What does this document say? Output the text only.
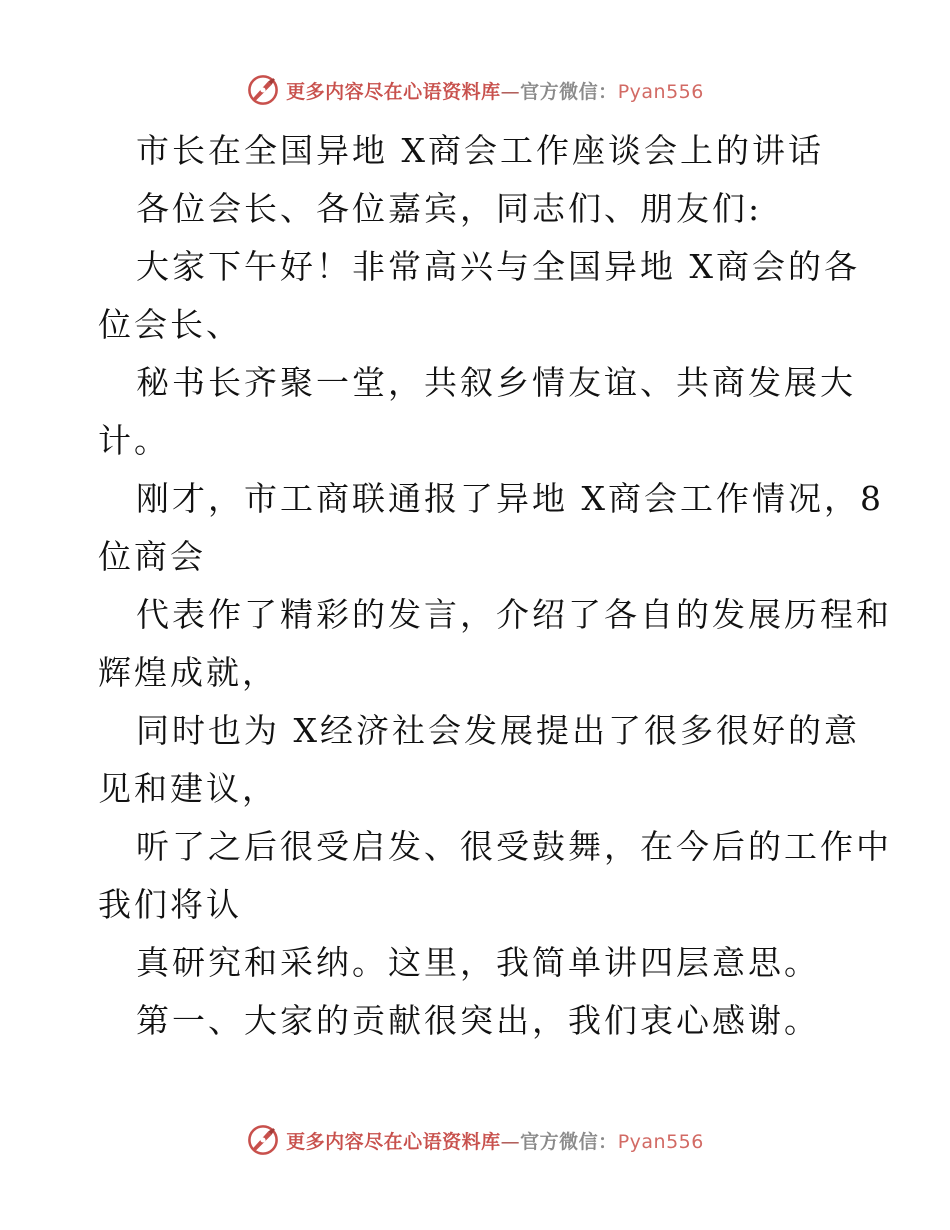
更多内容尽在心语资料库—官方微信：Pyan556
市长在全国异地 X商会工作座谈会上的讲话
各位会长、各位嘉宾，同志们、朋友们:
大家下午好！非常高兴与全国异地 X商会的各
位会长、
秘书长齐聚一堂，共叙乡情友谊、共商发展大
计。
刚才，市工商联通报了异地 X商会工作情况，8
位商会
代表作了精彩的发言，介绍了各自的发展历程和
辉煌成就，
同时也为 X经济社会发展提出了很多很好的意
见和建议，
听了之后很受启发、很受鼓舞，在今后的工作中
我们将认
真研究和采纳。这里，我简单讲四层意思。
第一、大家的贡献很突出，我们衷心感谢。
更多内容尽在心语资料库—官方微信：Pyan556
